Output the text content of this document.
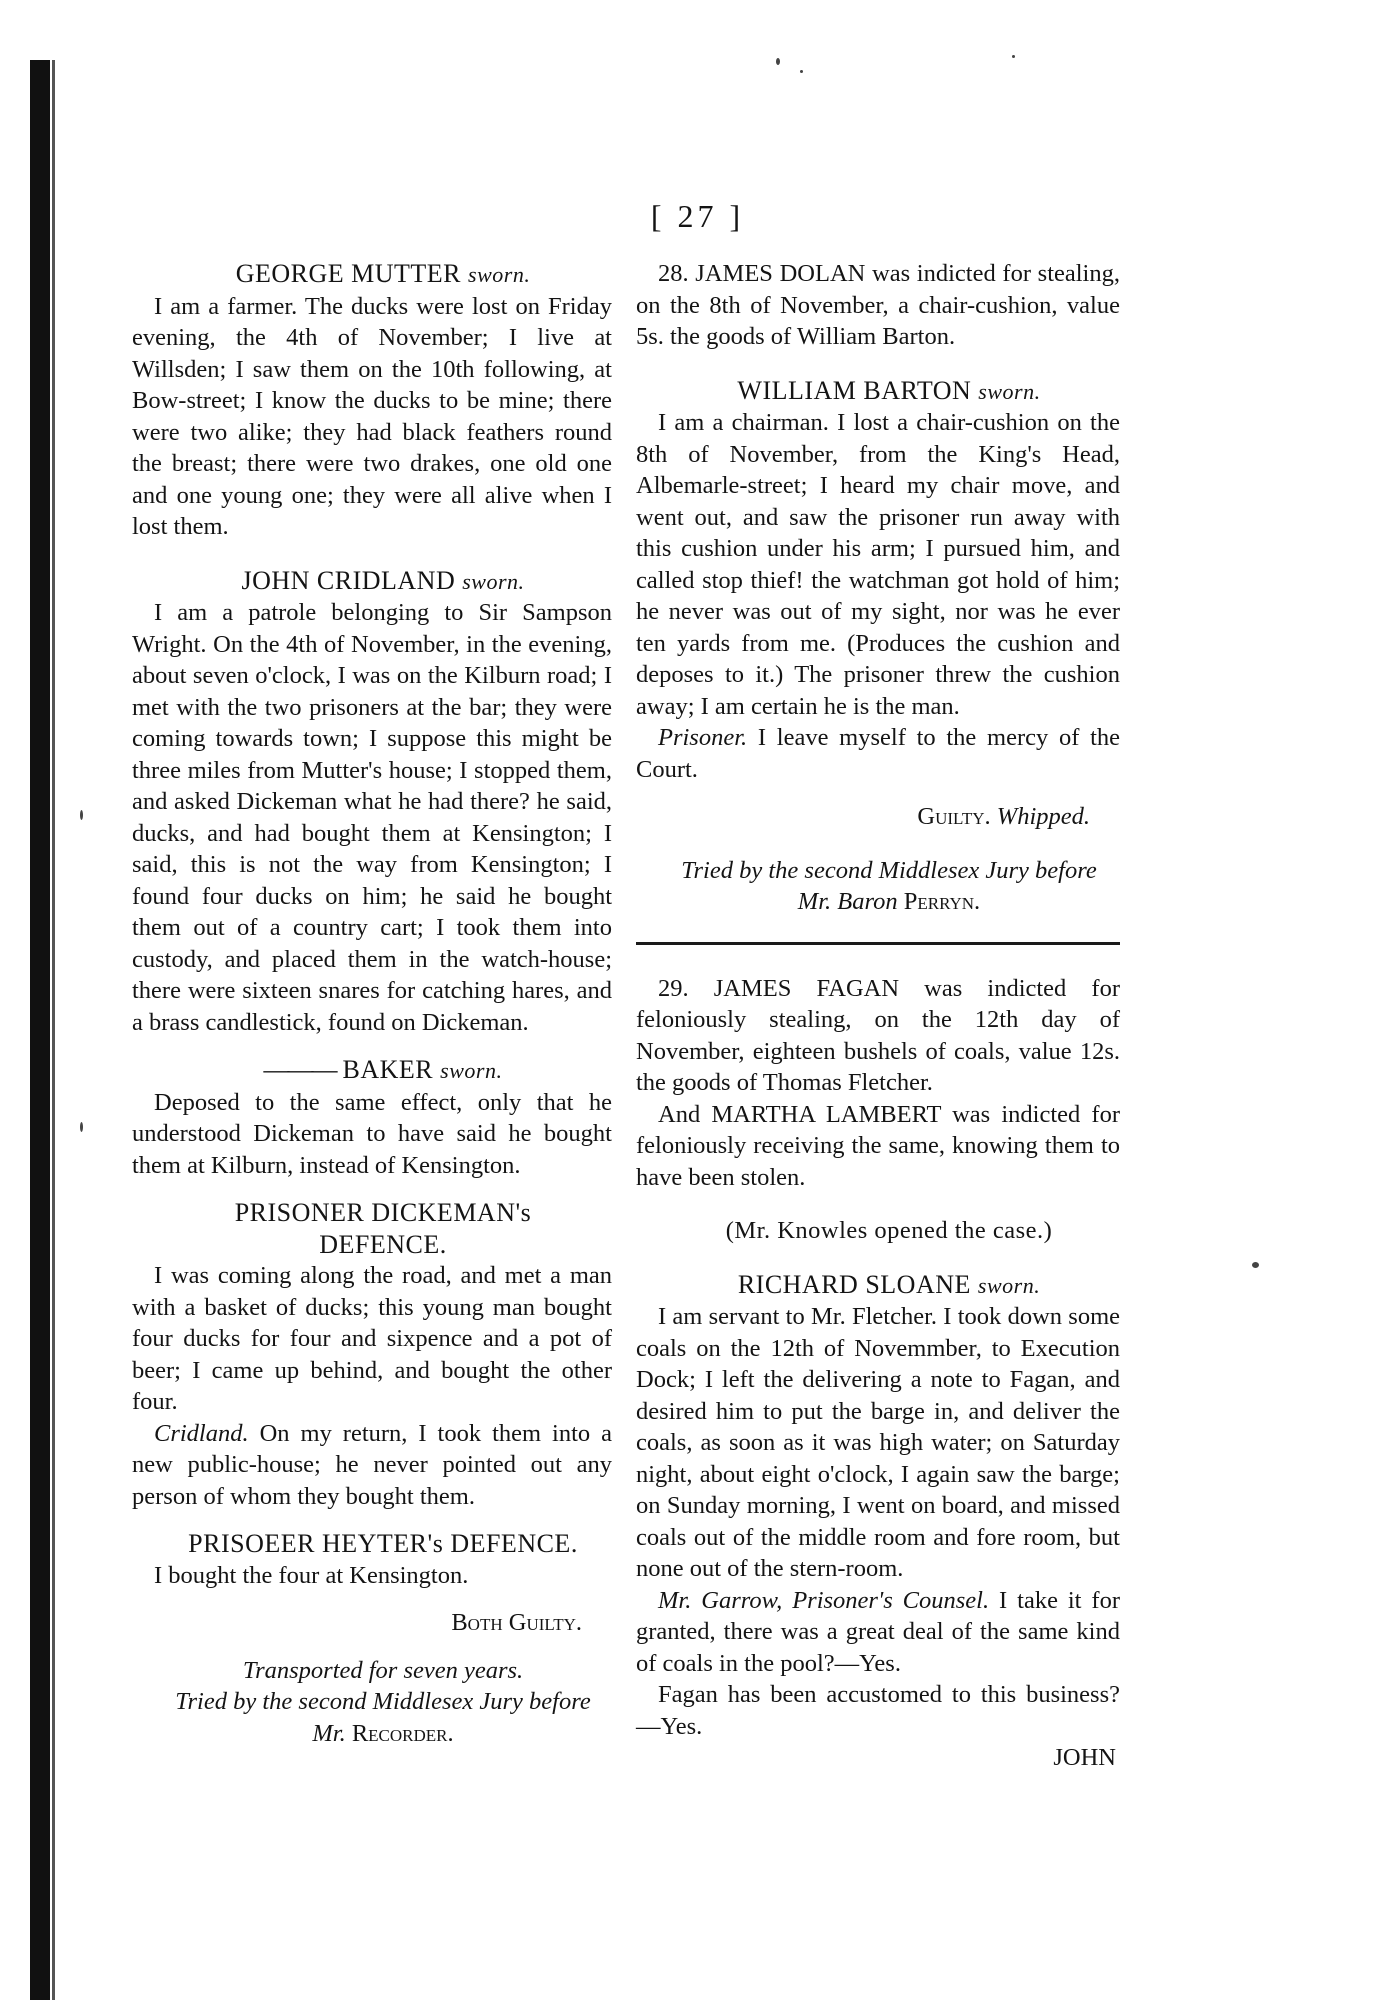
[ 27 ]

GEORGE MUTTER sworn.

I am a farmer. The ducks were lost on Friday evening, the 4th of November; I live at Willsden; I saw them on the 10th following, at Bow-street; I know the ducks to be mine; there were two alike; they had black feathers round the breast; there were two drakes, one old one and one young one; they were all alive when I lost them.

JOHN CRIDLAND sworn.

I am a patrole belonging to Sir Sampson Wright. On the 4th of November, in the evening, about seven o'clock, I was on the Kilburn road; I met with the two prisoners at the bar; they were coming towards town; I suppose this might be three miles from Mutter's house; I stopped them, and asked Dickeman what he had there? he said, ducks, and had bought them at Kensington; I said, this is not the way from Kensington; I found four ducks on him; he said he bought them out of a country cart; I took them into custody, and placed them in the watch-house; there were sixteen snares for catching hares, and a brass candlestick, found on Dickeman.

——— BAKER sworn.

Deposed to the same effect, only that he understood Dickeman to have said he bought them at Kilburn, instead of Kensington.

PRISONER DICKEMAN's

DEFENCE.

I was coming along the road, and met a man with a basket of ducks; this young man bought four ducks for four and sixpence and a pot of beer; I came up behind, and bought the other four.

Cridland. On my return, I took them into a new public-house; he never pointed out any person of whom they bought them.

PRISOEER HEYTER's DEFENCE.

I bought the four at Kensington.

Both Guilty.

Transported for seven years.

Tried by the second Middlesex Jury before

Mr. Recorder.

28. JAMES DOLAN was indicted for stealing, on the 8th of November, a chair-cushion, value 5s. the goods of William Barton.

WILLIAM BARTON sworn.

I am a chairman. I lost a chair-cushion on the 8th of November, from the King's Head, Albemarle-street; I heard my chair move, and went out, and saw the prisoner run away with this cushion under his arm; I pursued him, and called stop thief! the watchman got hold of him; he never was out of my sight, nor was he ever ten yards from me. (Produces the cushion and deposes to it.) The prisoner threw the cushion away; I am certain he is the man.

Prisoner. I leave myself to the mercy of the Court.

Guilty. Whipped.

Tried by the second Middlesex Jury before

Mr. Baron Perryn.

29. JAMES FAGAN was indicted for feloniously stealing, on the 12th day of November, eighteen bushels of coals, value 12s. the goods of Thomas Fletcher.

And MARTHA LAMBERT was indicted for feloniously receiving the same, knowing them to have been stolen.

(Mr. Knowles opened the case.)

RICHARD SLOANE sworn.

I am servant to Mr. Fletcher. I took down some coals on the 12th of Novemmber, to Execution Dock; I left the delivering a note to Fagan, and desired him to put the barge in, and deliver the coals, as soon as it was high water; on Saturday night, about eight o'clock, I again saw the barge; on Sunday morning, I went on board, and missed coals out of the middle room and fore room, but none out of the stern-room.

Mr. Garrow, Prisoner's Counsel. I take it for granted, there was a great deal of the same kind of coals in the pool?—Yes.

Fagan has been accustomed to this business?—Yes.

JOHN
